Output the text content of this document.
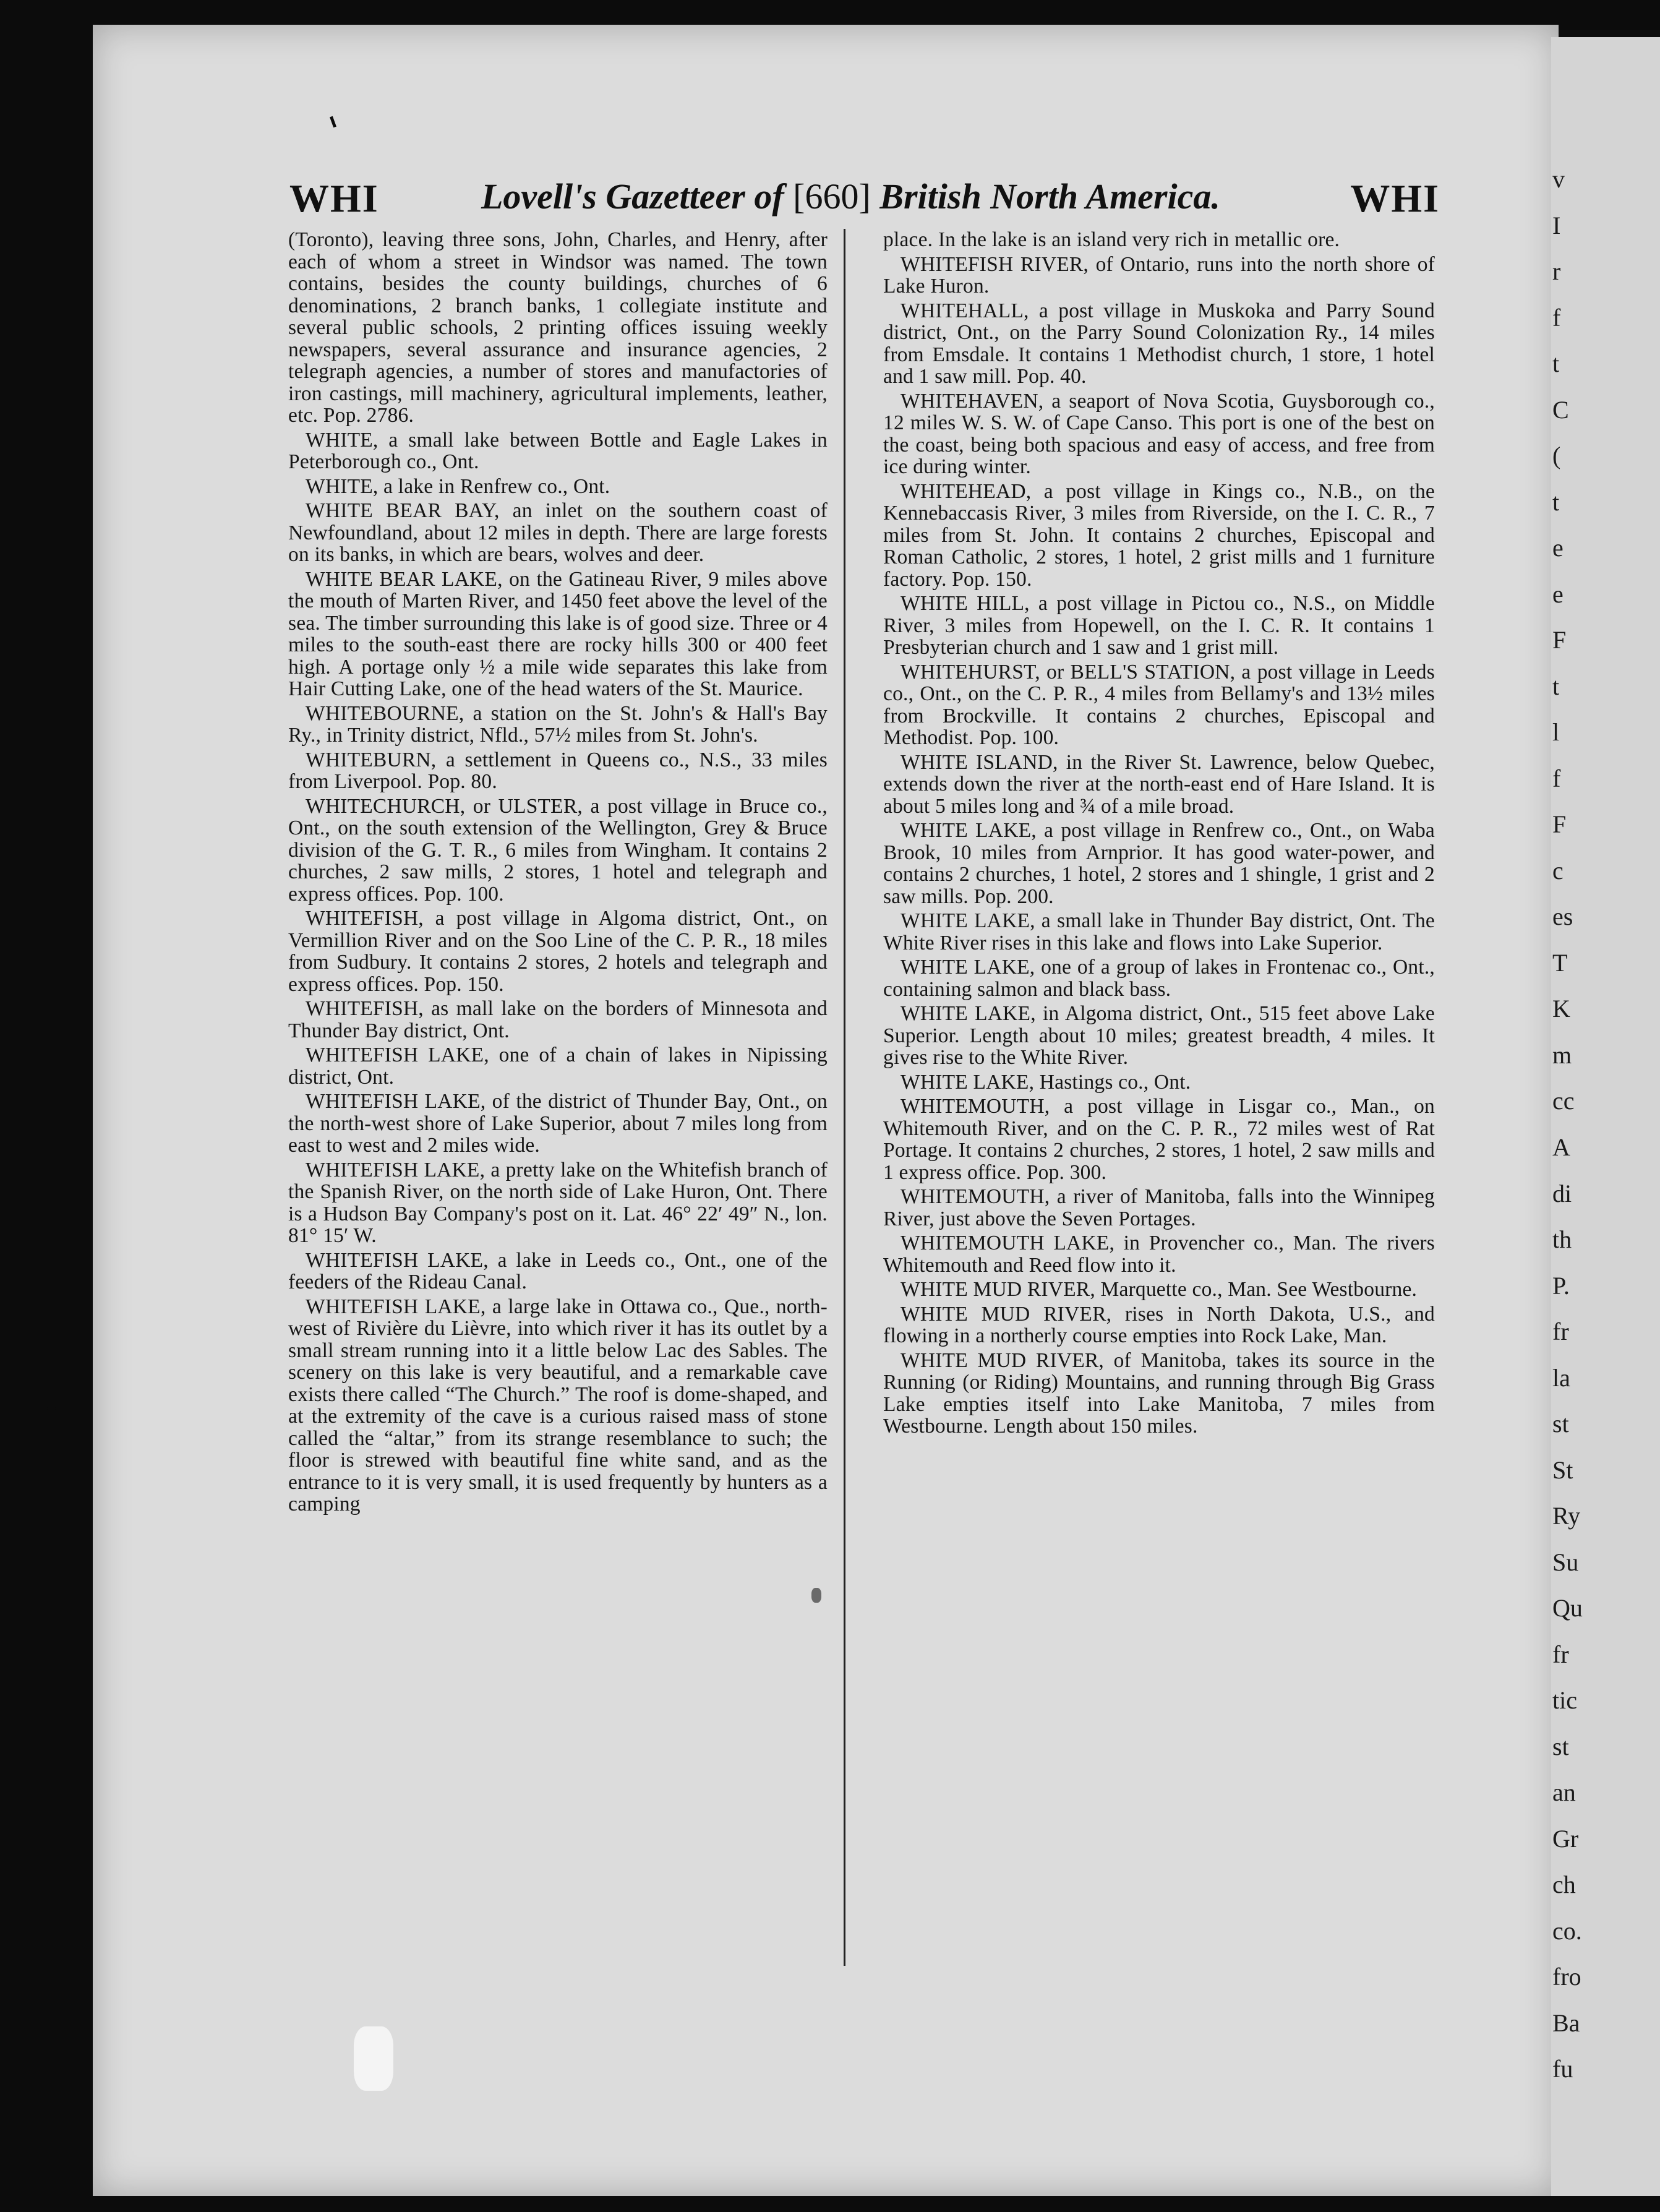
v
I
r
f
t
C
(
t
e
e
F
t
l
f
F
c
es
T
K
m
cc
A
di
th
P.
fr
la
st
St
Ry
Su
Qu
fr
tic
st
an
Gr
ch
co.
fro
Ba
fu
WHI	Lovell's Gazetteer of [660] British North America.	WHI

(Toronto), leaving three sons, John, Charles, and Henry, after each of whom a street in Windsor was named. The town contains, besides the county buildings, churches of 6 denominations, 2 branch banks, 1 collegiate institute and several public schools, 2 printing offices issuing weekly newspapers, several assurance and insurance agencies, 2 telegraph agencies, a number of stores and manufactories of iron castings, mill machinery, agricultural implements, leather, etc. Pop. 2786.

WHITE, a small lake between Bottle and Eagle Lakes in Peterborough co., Ont.

WHITE, a lake in Renfrew co., Ont.

WHITE BEAR BAY, an inlet on the southern coast of Newfoundland, about 12 miles in depth. There are large forests on its banks, in which are bears, wolves and deer.

WHITE BEAR LAKE, on the Gatineau River, 9 miles above the mouth of Marten River, and 1450 feet above the level of the sea. The timber surrounding this lake is of good size. Three or 4 miles to the south-east there are rocky hills 300 or 400 feet high. A portage only ½ a mile wide separates this lake from Hair Cutting Lake, one of the head waters of the St. Maurice.

WHITEBOURNE, a station on the St. John's & Hall's Bay Ry., in Trinity district, Nfld., 57½ miles from St. John's.

WHITEBURN, a settlement in Queens co., N.S., 33 miles from Liverpool. Pop. 80.

WHITECHURCH, or ULSTER, a post village in Bruce co., Ont., on the south extension of the Wellington, Grey & Bruce division of the G. T. R., 6 miles from Wingham. It contains 2 churches, 2 saw mills, 2 stores, 1 hotel and telegraph and express offices. Pop. 100.

WHITEFISH, a post village in Algoma district, Ont., on Vermillion River and on the Soo Line of the C. P. R., 18 miles from Sudbury. It contains 2 stores, 2 hotels and telegraph and express offices. Pop. 150.

WHITEFISH, as mall lake on the borders of Minnesota and Thunder Bay district, Ont.

WHITEFISH LAKE, one of a chain of lakes in Nipissing district, Ont.

WHITEFISH LAKE, of the district of Thunder Bay, Ont., on the north-west shore of Lake Superior, about 7 miles long from east to west and 2 miles wide.

WHITEFISH LAKE, a pretty lake on the Whitefish branch of the Spanish River, on the north side of Lake Huron, Ont. There is a Hudson Bay Company's post on it. Lat. 46° 22′ 49″ N., lon. 81° 15′ W.

WHITEFISH LAKE, a lake in Leeds co., Ont., one of the feeders of the Rideau Canal.

WHITEFISH LAKE, a large lake in Ottawa co., Que., north-west of Rivière du Lièvre, into which river it has its outlet by a small stream running into it a little below Lac des Sables. The scenery on this lake is very beautiful, and a remarkable cave exists there called “The Church.” The roof is dome-shaped, and at the extremity of the cave is a curious raised mass of stone called the “altar,” from its strange resemblance to such; the floor is strewed with beautiful fine white sand, and as the entrance to it is very small, it is used frequently by hunters as a camping

place. In the lake is an island very rich in metallic ore.

WHITEFISH RIVER, of Ontario, runs into the north shore of Lake Huron.

WHITEHALL, a post village in Muskoka and Parry Sound district, Ont., on the Parry Sound Colonization Ry., 14 miles from Emsdale. It contains 1 Methodist church, 1 store, 1 hotel and 1 saw mill. Pop. 40.

WHITEHAVEN, a seaport of Nova Scotia, Guysborough co., 12 miles W. S. W. of Cape Canso. This port is one of the best on the coast, being both spacious and easy of access, and free from ice during winter.

WHITEHEAD, a post village in Kings co., N.B., on the Kennebaccasis River, 3 miles from Riverside, on the I. C. R., 7 miles from St. John. It contains 2 churches, Episcopal and Roman Catholic, 2 stores, 1 hotel, 2 grist mills and 1 furniture factory. Pop. 150.

WHITE HILL, a post village in Pictou co., N.S., on Middle River, 3 miles from Hopewell, on the I. C. R. It contains 1 Presbyterian church and 1 saw and 1 grist mill.

WHITEHURST, or BELL'S STATION, a post village in Leeds co., Ont., on the C. P. R., 4 miles from Bellamy's and 13½ miles from Brockville. It contains 2 churches, Episcopal and Methodist. Pop. 100.

WHITE ISLAND, in the River St. Lawrence, below Quebec, extends down the river at the north-east end of Hare Island. It is about 5 miles long and ¾ of a mile broad.

WHITE LAKE, a post village in Renfrew co., Ont., on Waba Brook, 10 miles from Arnprior. It has good water-power, and contains 2 churches, 1 hotel, 2 stores and 1 shingle, 1 grist and 2 saw mills. Pop. 200.

WHITE LAKE, a small lake in Thunder Bay district, Ont. The White River rises in this lake and flows into Lake Superior.

WHITE LAKE, one of a group of lakes in Frontenac co., Ont., containing salmon and black bass.

WHITE LAKE, in Algoma district, Ont., 515 feet above Lake Superior. Length about 10 miles; greatest breadth, 4 miles. It gives rise to the White River.

WHITE LAKE, Hastings co., Ont.

WHITEMOUTH, a post village in Lisgar co., Man., on Whitemouth River, and on the C. P. R., 72 miles west of Rat Portage. It contains 2 churches, 2 stores, 1 hotel, 2 saw mills and 1 express office. Pop. 300.

WHITEMOUTH, a river of Manitoba, falls into the Winnipeg River, just above the Seven Portages.

WHITEMOUTH LAKE, in Provencher co., Man. The rivers Whitemouth and Reed flow into it.

WHITE MUD RIVER, Marquette co., Man. See Westbourne.

WHITE MUD RIVER, rises in North Dakota, U.S., and flowing in a northerly course empties into Rock Lake, Man.

WHITE MUD RIVER, of Manitoba, takes its source in the Running (or Riding) Mountains, and running through Big Grass Lake empties itself into Lake Manitoba, 7 miles from Westbourne. Length about 150 miles.
